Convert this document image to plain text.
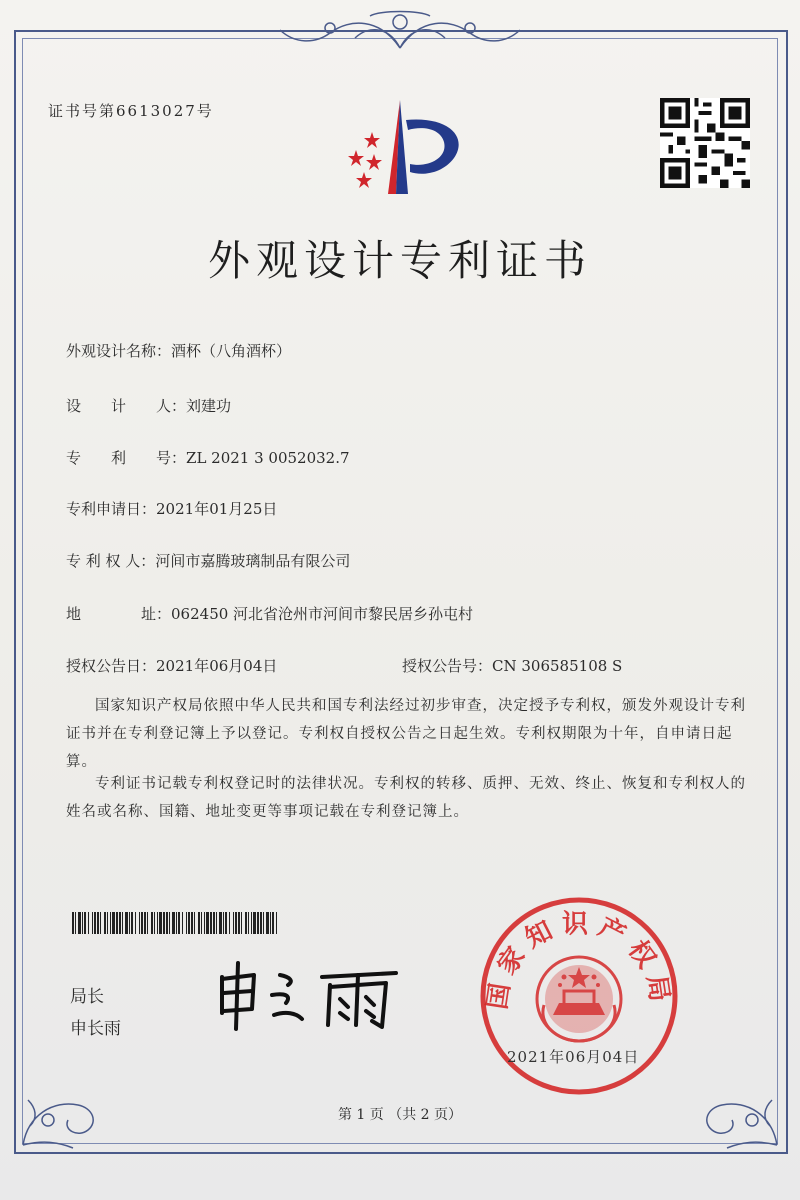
证书号第6613027号
外观设计专利证书
外观设计名称：酒杯（八角酒杯）
设　　计　　人：刘建功
专　　利　　号：ZL 2021 3 0052032.7
专利申请日：2021年01月25日
专 利 权 人：河间市嘉腾玻璃制品有限公司
地　　　　址：062450 河北省沧州市河间市黎民居乡孙屯村
授权公告日：2021年06月04日	授权公告号：CN 306585108 S
国家知识产权局依照中华人民共和国专利法经过初步审查，决定授予专利权，颁发外观设计专利证书并在专利登记簿上予以登记。专利权自授权公告之日起生效。专利权期限为十年，自申请日起算。
专利证书记载专利权登记时的法律状况。专利权的转移、质押、无效、终止、恢复和专利权人的姓名或名称、国籍、地址变更等事项记载在专利登记簿上。
局长
申长雨
国家知识产权局
2021年06月04日
第 1 页 （共 2 页）
